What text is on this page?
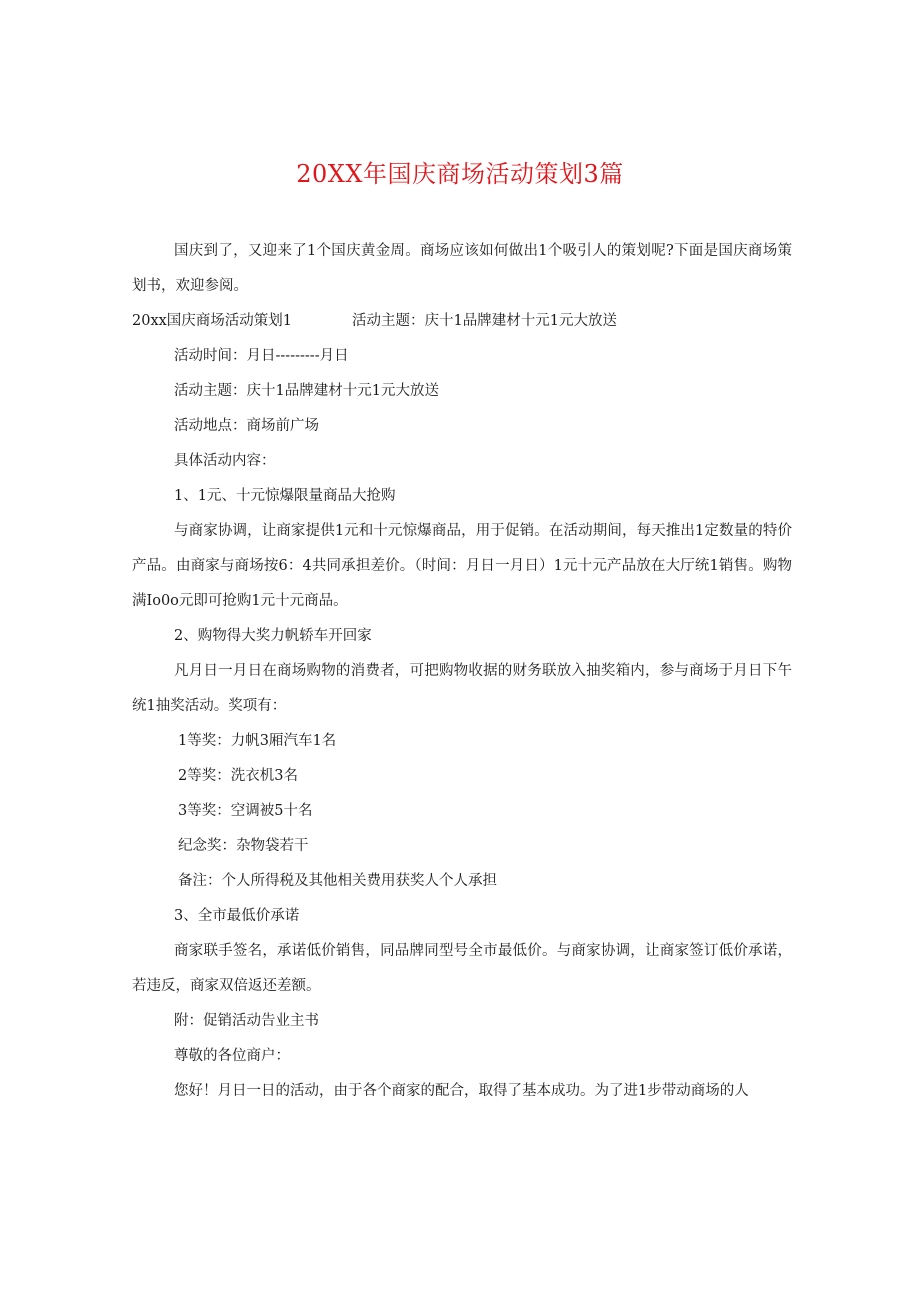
20XX年国庆商场活动策划3篇

国庆到了，又迎来了1个国庆黄金周。商场应该如何做出1个吸引人的策划呢?下面是国庆商场策划书，欢迎参阅。

20xx国庆商场活动策划1	活动主题：庆十1品牌建材十元1元大放送

活动时间：月日---------月日

活动主题：庆十1品牌建材十元1元大放送

活动地点：商场前广场

具体活动内容：

1、1元、十元惊爆限量商品大抢购

与商家协调，让商家提供1元和十元惊爆商品，用于促销。在活动期间，每天推出1定数量的特价产品。由商家与商场按6：4共同承担差价。（时间：月日一月日）1元十元产品放在大厅统1销售。购物满Io0o元即可抢购1元十元商品。

2、购物得大奖力帆轿车开回家

凡月日一月日在商场购物的消费者，可把购物收据的财务联放入抽奖箱内，参与商场于月日下午统1抽奖活动。奖项有：

1等奖：力帆3厢汽车1名

2等奖：洗衣机3名

3等奖：空调被5十名

纪念奖：杂物袋若干

备注：个人所得税及其他相关费用获奖人个人承担

3、全市最低价承诺

商家联手签名，承诺低价销售，同品牌同型号全市最低价。与商家协调，让商家签订低价承诺，若违反，商家双倍返还差额。

附：促销活动告业主书

尊敬的各位商户：

您好！月日一日的活动，由于各个商家的配合，取得了基本成功。为了进1步带动商场的人
